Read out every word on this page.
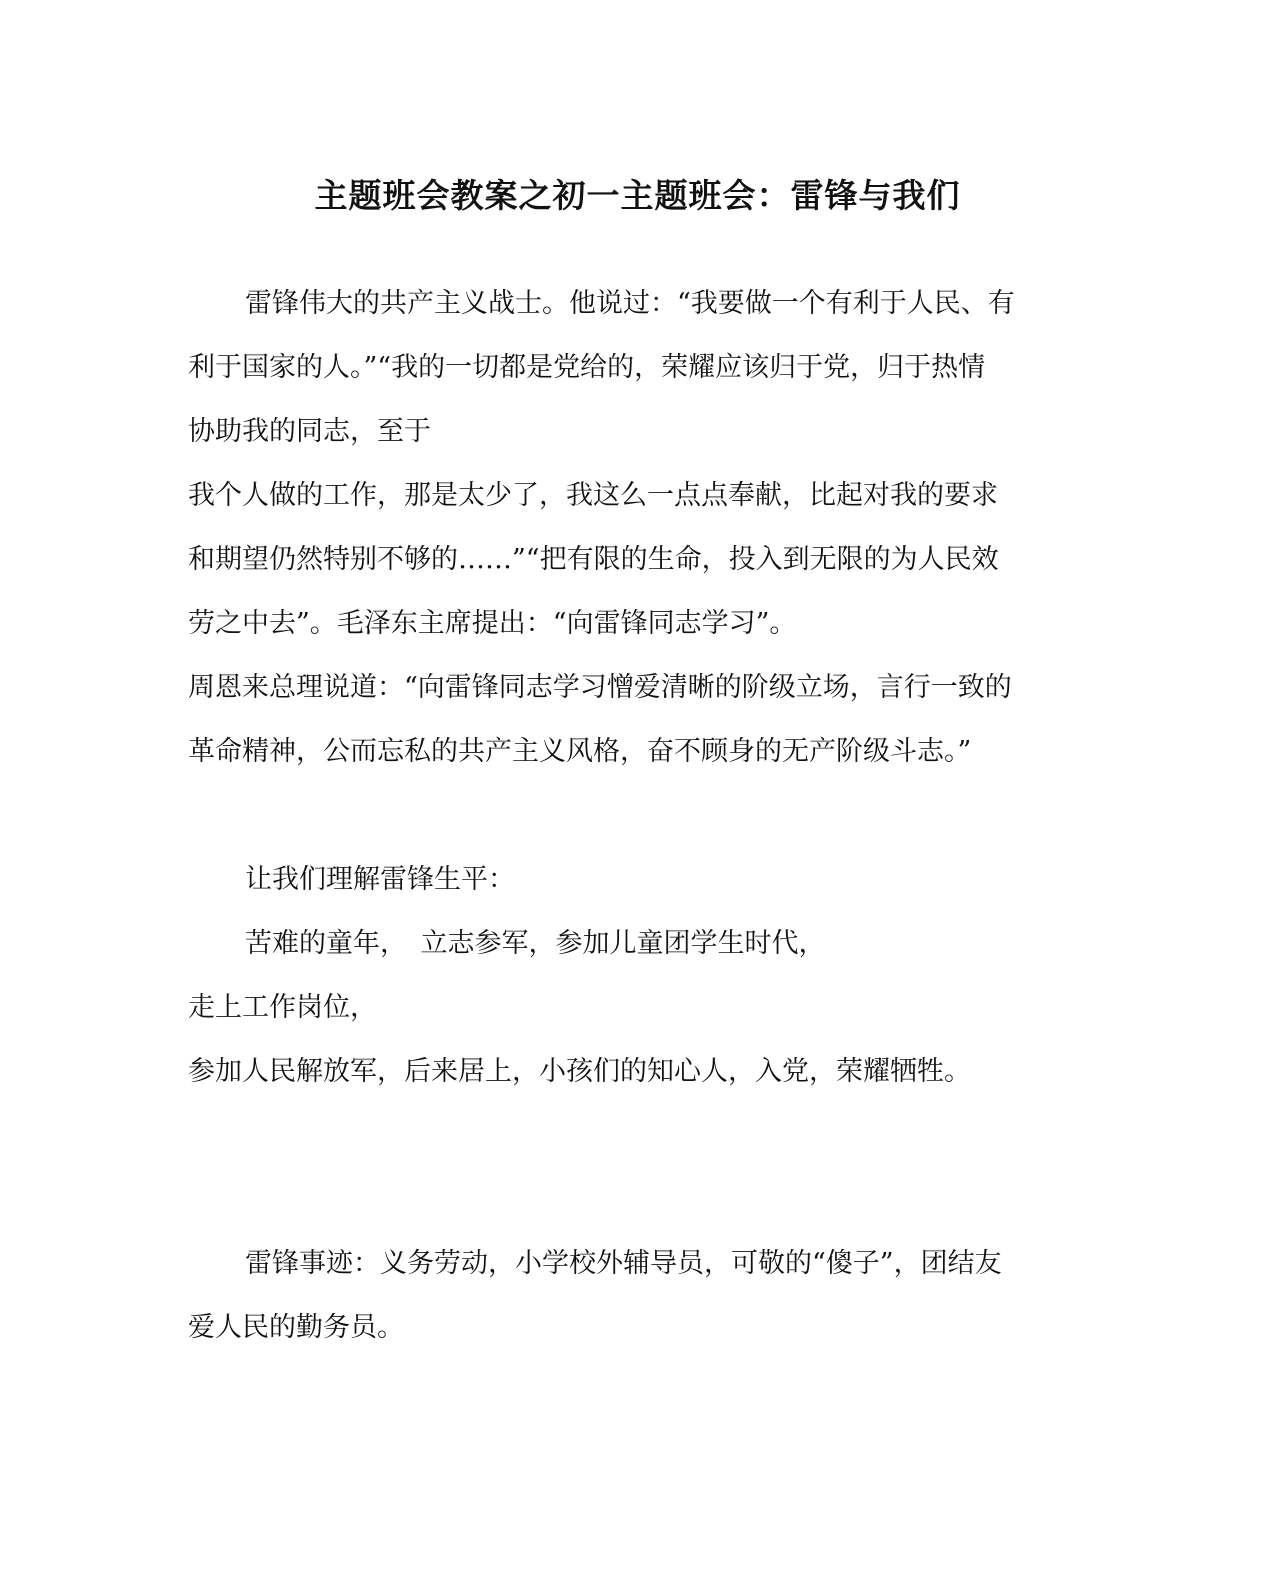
主题班会教案之初一主题班会：雷锋与我们
雷锋伟大的共产主义战士。他说过：“我要做一个有利于人民、有
利于国家的人。”“我的一切都是党给的，荣耀应该归于党，归于热情
协助我的同志，至于
我个人做的工作，那是太少了，我这么一点点奉献，比起对我的要求
和期望仍然特别不够的……”“把有限的生命，投入到无限的为人民效
劳之中去”。毛泽东主席提出：“向雷锋同志学习”。
周恩来总理说道：“向雷锋同志学习憎爱清晰的阶级立场，言行一致的
革命精神，公而忘私的共产主义风格，奋不顾身的无产阶级斗志。”
让我们理解雷锋生平：
苦难的童年，　立志参军，参加儿童团学生时代，
走上工作岗位，
参加人民解放军，后来居上，小孩们的知心人，入党，荣耀牺牲。
雷锋事迹：义务劳动，小学校外辅导员，可敬的“傻子”，团结友
爱人民的勤务员。
